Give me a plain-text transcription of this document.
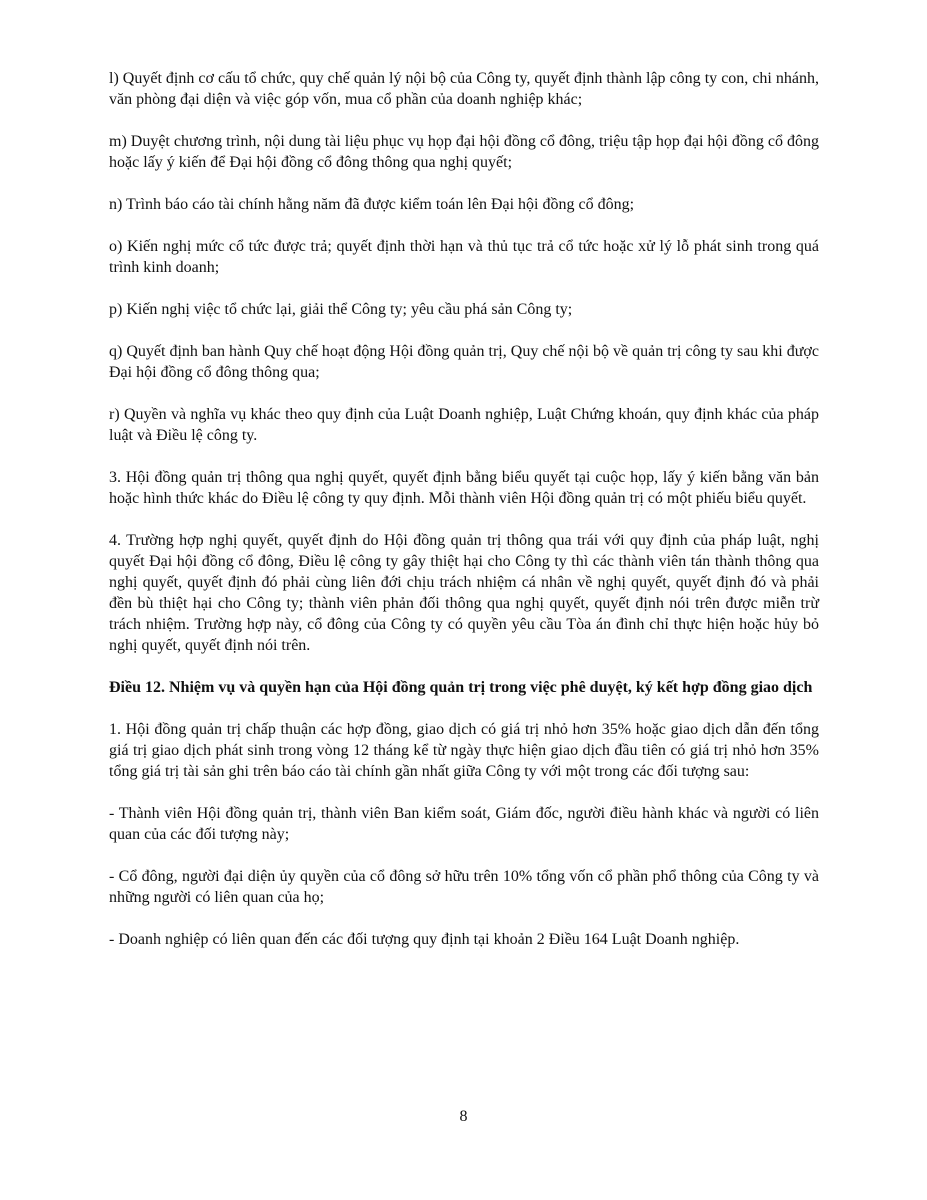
l) Quyết định cơ cấu tổ chức, quy chế quản lý nội bộ của Công ty, quyết định thành lập công ty con, chi nhánh, văn phòng đại diện và việc góp vốn, mua cổ phần của doanh nghiệp khác;

m) Duyệt chương trình, nội dung tài liệu phục vụ họp đại hội đồng cổ đông, triệu tập họp đại hội đồng cổ đông hoặc lấy ý kiến để Đại hội đồng cổ đông thông qua nghị quyết;

n) Trình báo cáo tài chính hằng năm đã được kiểm toán lên Đại hội đồng cổ đông;

o) Kiến nghị mức cổ tức được trả; quyết định thời hạn và thủ tục trả cổ tức hoặc xử lý lỗ phát sinh trong quá trình kinh doanh;

p) Kiến nghị việc tổ chức lại, giải thể Công ty; yêu cầu phá sản Công ty;

q) Quyết định ban hành Quy chế hoạt động Hội đồng quản trị, Quy chế nội bộ về quản trị công ty sau khi được Đại hội đồng cổ đông thông qua;

r) Quyền và nghĩa vụ khác theo quy định của Luật Doanh nghiệp, Luật Chứng khoán, quy định khác của pháp luật và Điều lệ công ty.

3. Hội đồng quản trị thông qua nghị quyết, quyết định bằng biểu quyết tại cuộc họp, lấy ý kiến bằng văn bản hoặc hình thức khác do Điều lệ công ty quy định. Mỗi thành viên Hội đồng quản trị có một phiếu biểu quyết.

4. Trường hợp nghị quyết, quyết định do Hội đồng quản trị thông qua trái với quy định của pháp luật, nghị quyết Đại hội đồng cổ đông, Điều lệ công ty gây thiệt hại cho Công ty thì các thành viên tán thành thông qua nghị quyết, quyết định đó phải cùng liên đới chịu trách nhiệm cá nhân về nghị quyết, quyết định đó và phải đền bù thiệt hại cho Công ty; thành viên phản đối thông qua nghị quyết, quyết định nói trên được miễn trừ trách nhiệm. Trường hợp này, cổ đông của Công ty có quyền yêu cầu Tòa án đình chỉ thực hiện hoặc hủy bỏ nghị quyết, quyết định nói trên.

Điều 12. Nhiệm vụ và quyền hạn của Hội đồng quản trị trong việc phê duyệt, ký kết hợp đồng giao dịch

1. Hội đồng quản trị chấp thuận các hợp đồng, giao dịch có giá trị nhỏ hơn 35% hoặc giao dịch dẫn đến tổng giá trị giao dịch phát sinh trong vòng 12 tháng kể từ ngày thực hiện giao dịch đầu tiên có giá trị nhỏ hơn 35% tổng giá trị tài sản ghi trên báo cáo tài chính gần nhất giữa Công ty với một trong các đối tượng sau:

- Thành viên Hội đồng quản trị, thành viên Ban kiểm soát, Giám đốc, người điều hành khác và người có liên quan của các đối tượng này;

- Cổ đông, người đại diện ủy quyền của cổ đông sở hữu trên 10% tổng vốn cổ phần phổ thông của Công ty và những người có liên quan của họ;

- Doanh nghiệp có liên quan đến các đối tượng quy định tại khoản 2 Điều 164 Luật Doanh nghiệp.

8
